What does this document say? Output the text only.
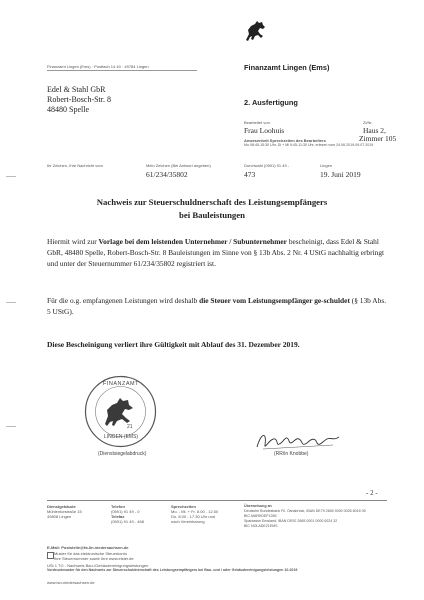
Finanzamt Lingen (Ems) · Postfach 14 40 · 49784 Lingen	Finanzamt Lingen (Ems)
Edel & Stahl GbR
Robert-Bosch-Str. 8
48480 Spelle
2. Ausfertigung
Bearbeitet von
Frau Loohuis
Zi/Nr.
Haus 2,
Zimmer 105
Anwesenheit Sprechzeiten des Bearbeiters
Mo 08:45-15:30 Uhr, Di + Mi 9:45-11:30 Uhr, erlesen vom 24.06.2019-09.07.2019
Ihr Zeichen, Ihre Nachricht vom	Mein Zeichen (Bei Antwort angeben)
61/234/35802
Durchwahl (0591) 91 49 -
473
Lingen
19. Juni 2019
Nachweis zur Steuerschuldnerschaft des Leistungsempfängers
bei Bauleistungen
Hiermit wird zur Vorlage bei dem leistenden Unternehmer / Subunternehmer bescheinigt, dass Edel & Stahl GbR, 48480 Spelle, Robert-Bosch-Str. 8 Bauleistungen im Sinne von § 13b Abs. 2 Nr. 4 UStG nachhaltig erbringt und unter der Steuernummer 61/234/35802 registriert ist.
Für die o.g. empfangenen Leistungen wird deshalb die Steuer vom Leistungsempfänger ge-schuldet (§ 13b Abs. 5 UStG).
Diese Bescheinigung verliert ihre Gültigkeit mit Ablauf des 31. Dezember 2019.
FINANZAMT
21
LINGEN (EMS)
(Dienstsiegelabdruck)	(RR/in Knobbe)
- 2 -
Dienstgebäude
Mühlentorstraße 15
49808 Lingen
Telefon
(0591) 91 49 - 0
Telefax
(0591) 91 49 - 468
Sprechzeiten
Mo. - Mi. + Fr. 8.00 - 12.00
Do. 8.00 - 17.30 Uhr und
nach Vereinbarung
Überweisung an
Deutsche Bundesbank Fil. Osnabrück, IBAN DE79 2650 0000 0026 6015 05
BIC MARKDEF1265
Sparkasse Emsland, IBAN DE92 2665 0001 0000 0024 32
BIC NOLADE21EMS
E-Mail: Poststelle@fa-lin.niedersachsen.de
Muster für das elektronische Steuerkonto
Ihre Steuernummer sowie Ihre www.elster.de
USt 1 TG - Nachweis Bau-/Gebäudereinigungsleistungen
Vordruckmuster für den Nachweis zur Steuerschuldnerschaft des Leistungsempfängers bei Bau- und / oder Gebäudereinigungsleistungen 10.2019
www.lsn-niedersachsen.de
